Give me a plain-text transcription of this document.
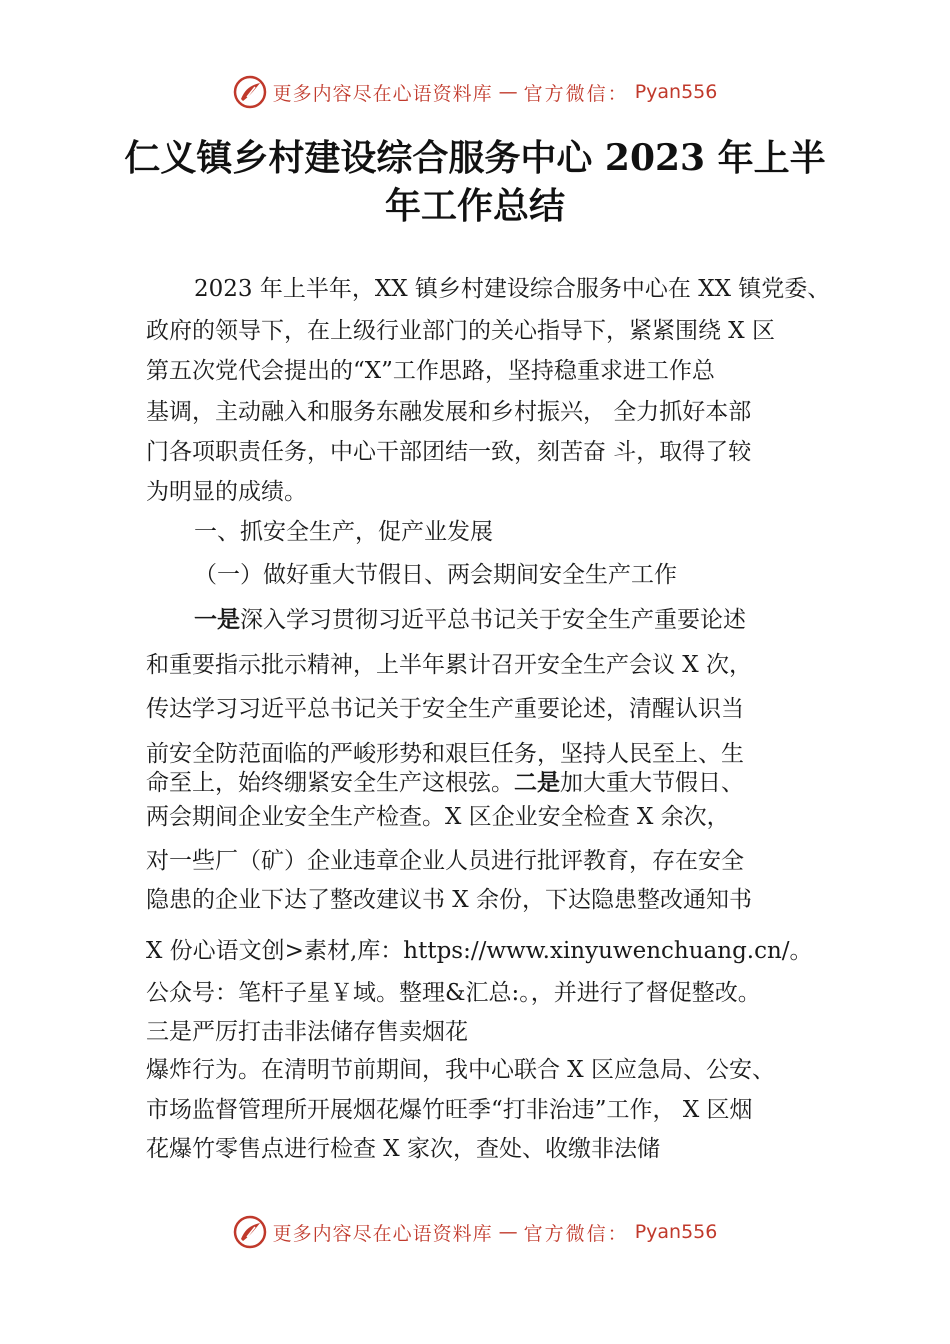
更多内容尽在心语资料库 — 官方微信： Pyan556
仁义镇乡村建设综合服务中心 2023 年上半
年工作总结
2023 年上半年，XX 镇乡村建设综合服务中心在 XX 镇党委、
政府的领导下，在上级行业部门的关心指导下，紧紧围绕 X 区
第五次党代会提出的“X”工作思路，坚持稳重求进工作总
基调，主动融入和服务东融发展和乡村振兴， 全力抓好本部
门各项职责任务，中心干部团结一致，刻苦奋 斗，取得了较
为明显的成绩。
一、抓安全生产，促产业发展
（一）做好重大节假日、两会期间安全生产工作
一是深入学习贯彻习近平总书记关于安全生产重要论述
和重要指示批示精神，上半年累计召开安全生产会议 X 次，
传达学习习近平总书记关于安全生产重要论述，清醒认识当
前安全防范面临的严峻形势和艰巨任务，坚持人民至上、生
命至上，始终绷紧安全生产这根弦。二是加大重大节假日、
两会期间企业安全生产检查。X 区企业安全检查 X 余次，
对一些厂（矿）企业违章企业人员进行批评教育，存在安全
隐患的企业下达了整改建议书 X 余份，下达隐患整改通知书
X 份心语文创>素材,库：https://www.xinyuwenchuang.cn/。
公众号：笔杆子星￥域。整理&汇总:。，并进行了督促整改。
三是严厉打击非法储存售卖烟花
爆炸行为。在清明节前期间，我中心联合 X 区应急局、公安、
市场监督管理所开展烟花爆竹旺季“打非治违”工作， X 区烟
花爆竹零售点进行检查 X 家次，查处、收缴非法储
更多内容尽在心语资料库 — 官方微信： Pyan556
